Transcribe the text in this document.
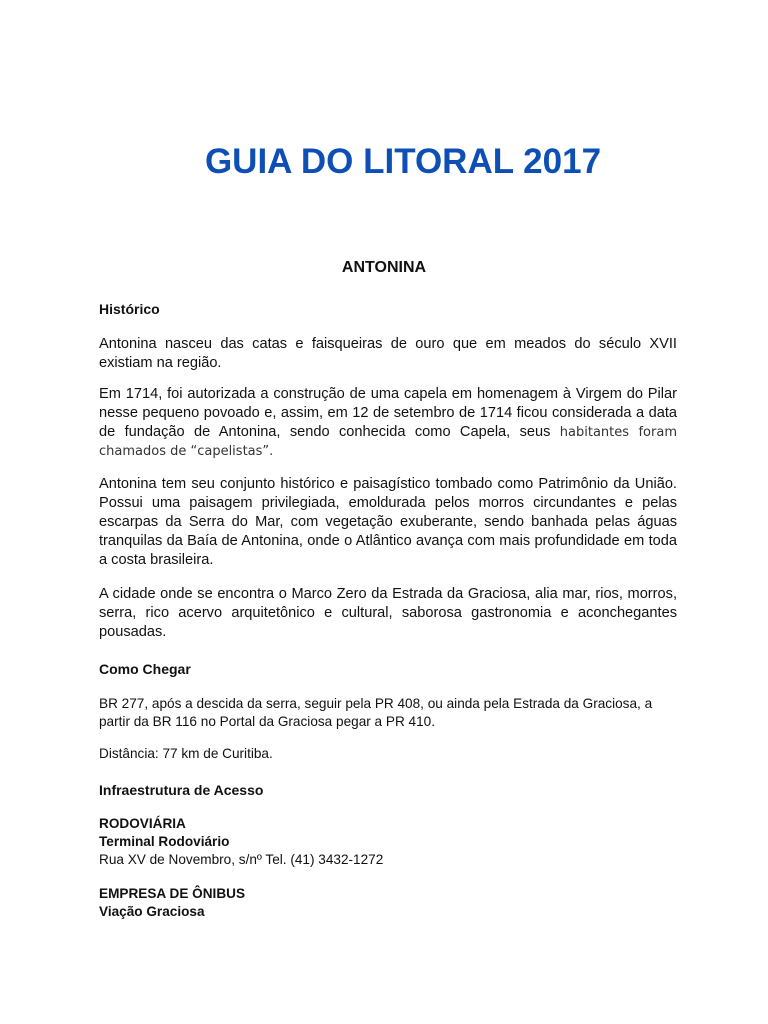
GUIA DO LITORAL 2017
ANTONINA
Histórico

Antonina nasceu das catas e faisqueiras de ouro que em meados do século XVII existiam na região.

Em 1714, foi autorizada a construção de uma capela em homenagem à Virgem do Pilar nesse pequeno povoado e, assim, em 12 de setembro de 1714 ficou considerada a data de fundação de Antonina, sendo conhecida como Capela, seus habitantes foram chamados de “capelistas”.

Antonina tem seu conjunto histórico e paisagístico tombado como Patrimônio da União. Possui uma paisagem privilegiada, emoldurada pelos morros circundantes e pelas escarpas da Serra do Mar, com vegetação exuberante, sendo banhada pelas águas tranquilas da Baía de Antonina, onde o Atlântico avança com mais profundidade em toda a costa brasileira.

A cidade onde se encontra o Marco Zero da Estrada da Graciosa, alia mar, rios, morros, serra, rico acervo arquitetônico e cultural, saborosa gastronomia e aconchegantes pousadas.

Como Chegar

BR 277, após a descida da serra, seguir pela PR 408, ou ainda pela Estrada da Graciosa, a partir da BR 116 no Portal da Graciosa pegar a PR 410.

Distância: 77 km de Curitiba.

Infraestrutura de Acesso
RODOVIÁRIA
Terminal Rodoviário
Rua XV de Novembro, s/nº Tel. (41) 3432-1272
EMPRESA DE ÔNIBUS
Viação Graciosa
